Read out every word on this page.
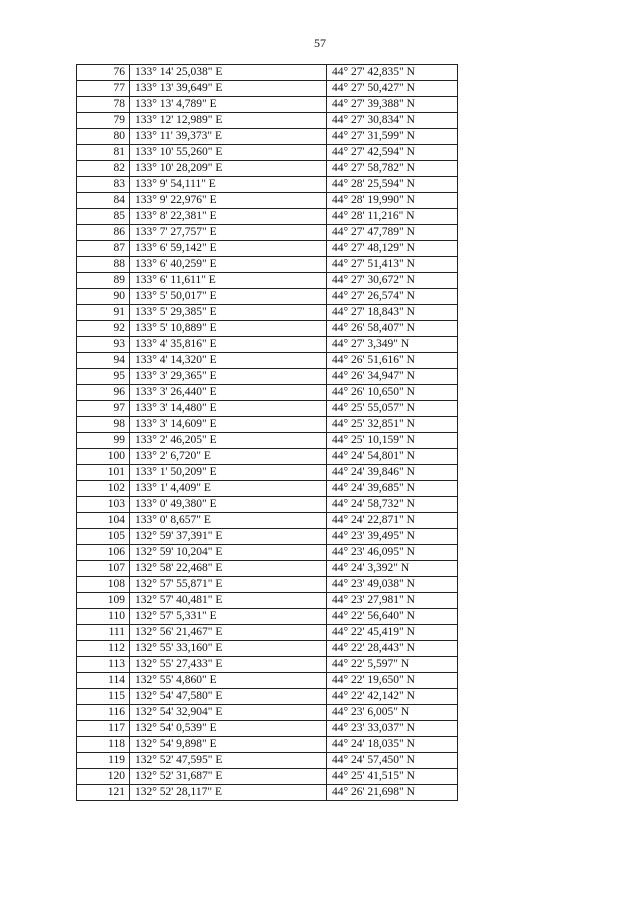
57
76	133° 14' 25,038" E	44° 27' 42,835" N
77	133° 13' 39,649" E	44° 27' 50,427" N
78	133° 13' 4,789" E	44° 27' 39,388" N
79	133° 12' 12,989" E	44° 27' 30,834" N
80	133° 11' 39,373" E	44° 27' 31,599" N
81	133° 10' 55,260" E	44° 27' 42,594" N
82	133° 10' 28,209" E	44° 27' 58,782" N
83	133° 9' 54,111" E	44° 28' 25,594" N
84	133° 9' 22,976" E	44° 28' 19,990" N
85	133° 8' 22,381" E	44° 28' 11,216" N
86	133° 7' 27,757" E	44° 27' 47,789" N
87	133° 6' 59,142" E	44° 27' 48,129" N
88	133° 6' 40,259" E	44° 27' 51,413" N
89	133° 6' 11,611" E	44° 27' 30,672" N
90	133° 5' 50,017" E	44° 27' 26,574" N
91	133° 5' 29,385" E	44° 27' 18,843" N
92	133° 5' 10,889" E	44° 26' 58,407" N
93	133° 4' 35,816" E	44° 27' 3,349" N
94	133° 4' 14,320" E	44° 26' 51,616" N
95	133° 3' 29,365" E	44° 26' 34,947" N
96	133° 3' 26,440" E	44° 26' 10,650" N
97	133° 3' 14,480" E	44° 25' 55,057" N
98	133° 3' 14,609" E	44° 25' 32,851" N
99	133° 2' 46,205" E	44° 25' 10,159" N
100	133° 2' 6,720" E	44° 24' 54,801" N
101	133° 1' 50,209" E	44° 24' 39,846" N
102	133° 1' 4,409" E	44° 24' 39,685" N
103	133° 0' 49,380" E	44° 24' 58,732" N
104	133° 0' 8,657" E	44° 24' 22,871" N
105	132° 59' 37,391" E	44° 23' 39,495" N
106	132° 59' 10,204" E	44° 23' 46,095" N
107	132° 58' 22,468" E	44° 24' 3,392" N
108	132° 57' 55,871" E	44° 23' 49,038" N
109	132° 57' 40,481" E	44° 23' 27,981" N
110	132° 57' 5,331" E	44° 22' 56,640" N
111	132° 56' 21,467" E	44° 22' 45,419" N
112	132° 55' 33,160" E	44° 22' 28,443" N
113	132° 55' 27,433" E	44° 22' 5,597" N
114	132° 55' 4,860" E	44° 22' 19,650" N
115	132° 54' 47,580" E	44° 22' 42,142" N
116	132° 54' 32,904" E	44° 23' 6,005" N
117	132° 54' 0,539" E	44° 23' 33,037" N
118	132° 54' 9,898" E	44° 24' 18,035" N
119	132° 52' 47,595" E	44° 24' 57,450" N
120	132° 52' 31,687" E	44° 25' 41,515" N
121	132° 52' 28,117" E	44° 26' 21,698" N
